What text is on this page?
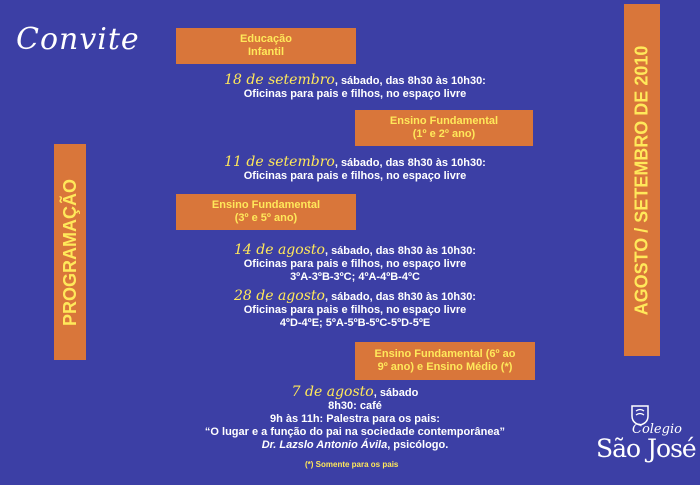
Convite
PROGRAMAÇÃO	AGOSTO / SETEMBRO DE 2010
Educação
Infantil
Ensino Fundamental
(1º e 2º ano)
Ensino Fundamental
(3º e 5º ano)
Ensino Fundamental (6º ao
9º ano) e Ensino Médio (*)
18 de setembro, sábado, das 8h30 às 10h30:
Oficinas para pais e filhos, no espaço livre
11 de setembro, sábado, das 8h30 às 10h30:
Oficinas para pais e filhos, no espaço livre
14 de agosto, sábado, das 8h30 às 10h30:
Oficinas para pais e filhos, no espaço livre
3ºA-3ºB-3ºC; 4ºA-4ºB-4ºC
28 de agosto, sábado, das 8h30 às 10h30:
Oficinas para pais e filhos, no espaço livre
4ºD-4ºE; 5ºA-5ºB-5ºC-5ºD-5ºE
7 de agosto, sábado
8h30: café
9h às 11h: Palestra para os pais:
“O lugar e a função do pai na sociedade contemporânea”
Dr. Lazslo Antonio Ávila, psicólogo.
(*) Somente para os pais
Colegio
São José
